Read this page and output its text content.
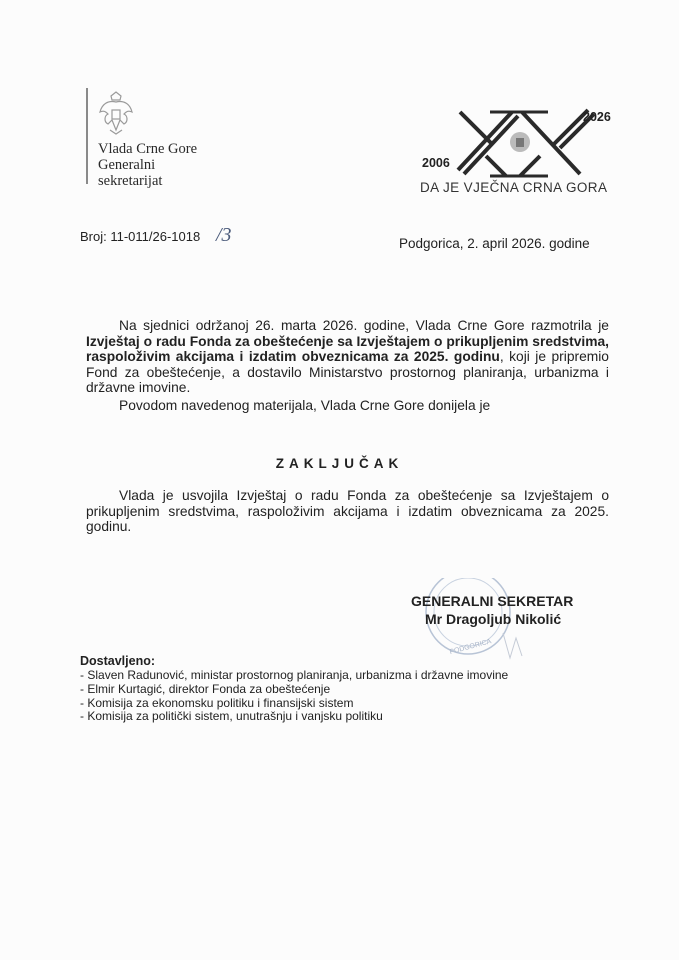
Vlada Crne Gore
Generalni
sekretarijat
2006
2026
DA JE VJEČNA CRNA GORA
Broj: 11-011/26-1018 /3	Podgorica, 2. april 2026. godine
Na sjednici održanoj 26. marta 2026. godine, Vlada Crne Gore razmotrila je Izvještaj o radu Fonda za obeštećenje sa Izvještajem o prikupljenim sredstvima, raspoloživim akcijama i izdatim obveznicama za 2025. godinu, koji je pripremio Fond za obeštećenje, a dostavilo Ministarstvo prostornog planiranja, urbanizma i državne imovine.
Povodom navedenog materijala, Vlada Crne Gore donijela je
ZAKLJUČAK
Vlada je usvojila Izvještaj o radu Fonda za obeštećenje sa Izvještajem o prikupljenim sredstvima, raspoloživim akcijama i izdatim obveznicama za 2025. godinu.
PODGORICA
GENERALNI SEKRETAR
Mr Dragoljub Nikolić
Dostavljeno:
- Slaven Radunović, ministar prostornog planiranja, urbanizma i državne imovine
- Elmir Kurtagić, direktor Fonda za obeštećenje
- Komisija za ekonomsku politiku i finansijski sistem
- Komisija za politički sistem, unutrašnju i vanjsku politiku
